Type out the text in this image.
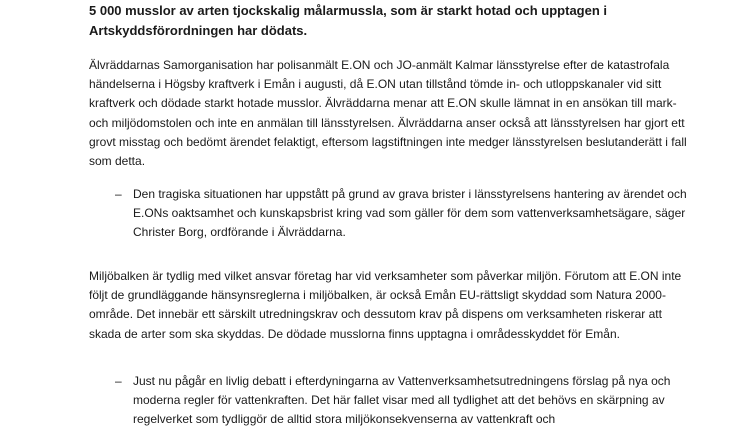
5 000 musslor av arten tjockskalig målarmussla, som är starkt hotad och upptagen i Artskyddsförordningen har dödats.

Älvräddarnas Samorganisation har polisanmält E.ON och JO-anmält Kalmar länsstyrelse efter de katastrofala händelserna i Högsby kraftverk i Emån i augusti, då E.ON utan tillstånd tömde in- och utloppskanaler vid sitt kraftverk och dödade starkt hotade musslor. Älvräddarna menar att E.ON skulle lämnat in en ansökan till mark- och miljödomstolen och inte en anmälan till länsstyrelsen. Älvräddarna anser också att länsstyrelsen har gjort ett grovt misstag och bedömt ärendet felaktigt, eftersom lagstiftningen inte medger länsstyrelsen beslutanderätt i fall som detta.

– Den tragiska situationen har uppstått på grund av grava brister i länsstyrelsens hantering av ärendet och E.ONs oaktsamhet och kunskapsbrist kring vad som gäller för dem som vattenverksamhetsägare, säger Christer Borg, ordförande i Älvräddarna.

Miljöbalken är tydlig med vilket ansvar företag har vid verksamheter som påverkar miljön. Förutom att E.ON inte följt de grundläggande hänsynsreglerna i miljöbalken, är också Emån EU-rättsligt skyddad som Natura 2000-område. Det innebär ett särskilt utredningskrav och dessutom krav på dispens om verksamheten riskerar att skada de arter som ska skyddas. De dödade musslorna finns upptagna i områdesskyddet för Emån.

– Just nu pågår en livlig debatt i efterdyningarna av Vattenverksamhetsutredningens förslag på nya och moderna regler för vattenkraften. Det här fallet visar med all tydlighet att det behövs en skärpning av regelverket som tydliggör de alltid stora miljökonsekvenserna av vattenkraft och
